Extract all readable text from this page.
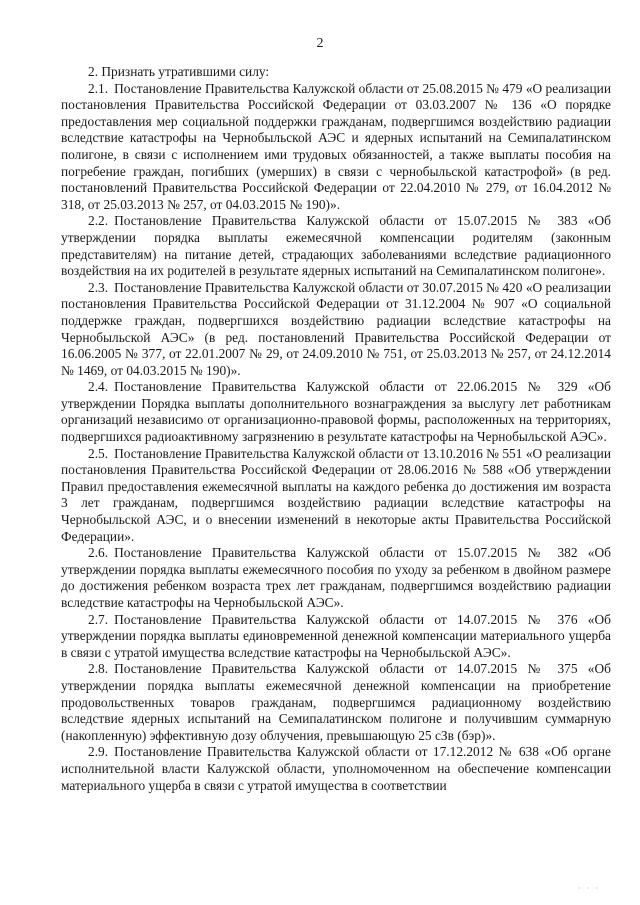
2

2. Признать утратившими силу:

2.1. Постановление Правительства Калужской области от 25.08.2015 № 479 «О реализации постановления Правительства Российской Федерации от 03.03.2007 № 136 «О порядке предоставления мер социальной поддержки гражданам, подвергшимся воздействию радиации вследствие катастрофы на Чернобыльской АЭС и ядерных испытаний на Семипалатинском полигоне, в связи с исполнением ими трудовых обязанностей, а также выплаты пособия на погребение граждан, погибших (умерших) в связи с чернобыльской катастрофой» (в ред. постановлений Правительства Российской Федерации от 22.04.2010 № 279, от 16.04.2012 № 318, от 25.03.2013 № 257, от 04.03.2015 № 190)».

2.2. Постановление Правительства Калужской области от 15.07.2015 № 383 «Об утверждении порядка выплаты ежемесячной компенсации родителям (законным представителям) на питание детей, страдающих заболеваниями вследствие радиационного воздействия на их родителей в результате ядерных испытаний на Семипалатинском полигоне».

2.3. Постановление Правительства Калужской области от 30.07.2015 № 420 «О реализации постановления Правительства Российской Федерации от 31.12.2004 № 907 «О социальной поддержке граждан, подвергшихся воздействию радиации вследствие катастрофы на Чернобыльской АЭС» (в ред. постановлений Правительства Российской Федерации от 16.06.2005 № 377, от 22.01.2007 № 29, от 24.09.2010 № 751, от 25.03.2013 № 257, от 24.12.2014 № 1469, от 04.03.2015 № 190)».

2.4. Постановление Правительства Калужской области от 22.06.2015 № 329 «Об утверждении Порядка выплаты дополнительного вознаграждения за выслугу лет работникам организаций независимо от организационно-правовой формы, расположенных на территориях, подвергшихся радиоактивному загрязнению в результате катастрофы на Чернобыльской АЭС».

2.5. Постановление Правительства Калужской области от 13.10.2016 № 551 «О реализации постановления Правительства Российской Федерации от 28.06.2016 № 588 «Об утверждении Правил предоставления ежемесячной выплаты на каждого ребенка до достижения им возраста 3 лет гражданам, подвергшимся воздействию радиации вследствие катастрофы на Чернобыльской АЭС, и о внесении изменений в некоторые акты Правительства Российской Федерации».

2.6. Постановление Правительства Калужской области от 15.07.2015 № 382 «Об утверждении порядка выплаты ежемесячного пособия по уходу за ребенком в двойном размере до достижения ребенком возраста трех лет гражданам, подвергшимся воздействию радиации вследствие катастрофы на Чернобыльской АЭС».

2.7. Постановление Правительства Калужской области от 14.07.2015 № 376 «Об утверждении порядка выплаты единовременной денежной компенсации материального ущерба в связи с утратой имущества вследствие катастрофы на Чернобыльской АЭС».

2.8. Постановление Правительства Калужской области от 14.07.2015 № 375 «Об утверждении порядка выплаты ежемесячной денежной компенсации на приобретение продовольственных товаров гражданам, подвергшимся радиационному воздействию вследствие ядерных испытаний на Семипалатинском полигоне и получившим суммарную (накопленную) эффективную дозу облучения, превышающую 25 сЗв (бэр)».

2.9. Постановление Правительства Калужской области от 17.12.2012 № 638 «Об органе исполнительной власти Калужской области, уполномоченном на обеспечение компенсации материального ущерба в связи с утратой имущества в соответствии

· · ·
